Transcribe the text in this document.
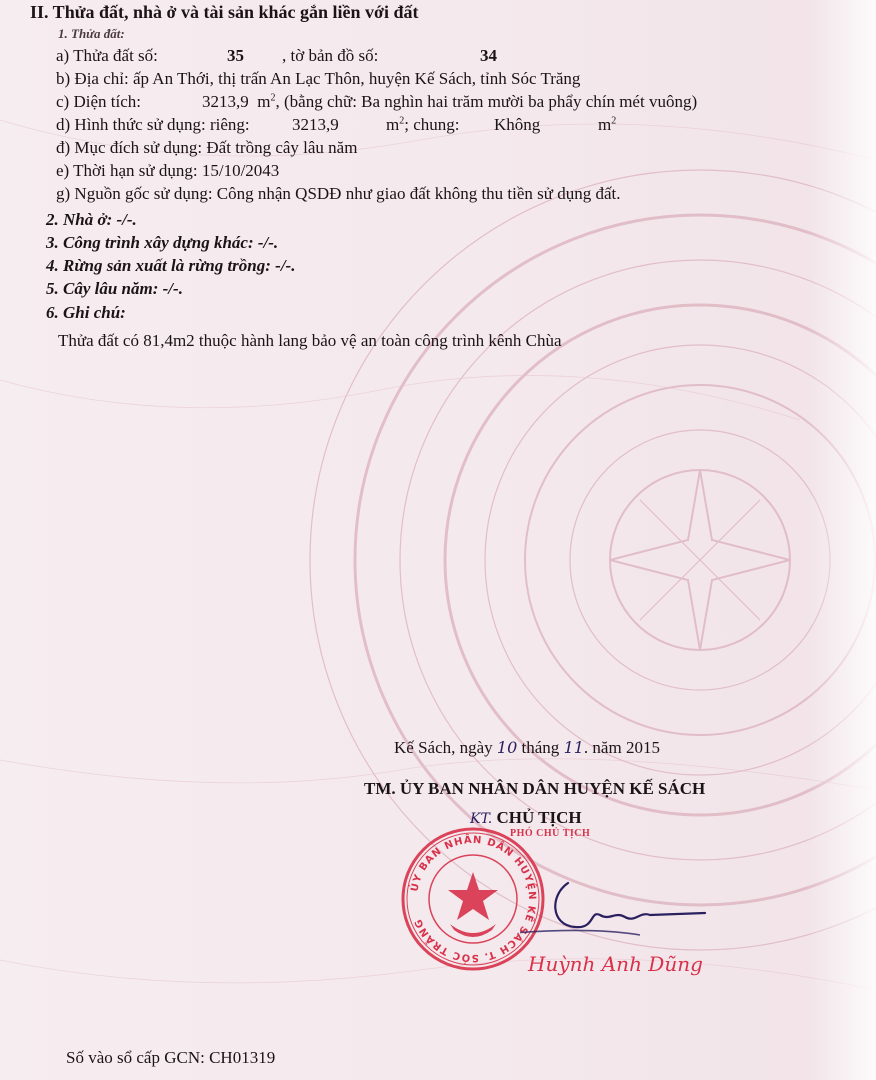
II. Thửa đất, nhà ở và tài sản khác gắn liền với đất
1. Thửa đất:
a) Thửa đất số:	35 , tờ bản đồ số:	34
b) Địa chỉ: ấp An Thới, thị trấn An Lạc Thôn, huyện Kế Sách, tỉnh Sóc Trăng
c) Diện tích:	3213,9 $m^2$, (bằng chữ: Ba nghìn hai trăm mười ba phẩy chín mét vuông)
d) Hình thức sử dụng: riêng: 3213,9	$m^2$; chung: Không	$m^2$
đ) Mục đích sử dụng: Đất trồng cây lâu năm
e) Thời hạn sử dụng: 15/10/2043
g) Nguồn gốc sử dụng: Công nhận QSDĐ như giao đất không thu tiền sử dụng đất.
2. Nhà ở: -/-.
3. Công trình xây dựng khác: -/-.
4. Rừng sản xuất là rừng trồng: -/-.
5. Cây lâu năm: -/-.
6. Ghi chú:
Thửa đất có 81,4m2 thuộc hành lang bảo vệ an toàn công trình kênh Chùa
Kế Sách, ngày 10 tháng 11. năm 2015
TM. ỦY BAN NHÂN DÂN HUYỆN KẾ SÁCH
KT. CHỦ TỊCH
PHÓ CHỦ TỊCH
ỦY BAN NHÂN DÂN HUYỆN KẾ SÁCH T. SÓC TRĂNG
Huỳnh Anh Dũng
Số vào sổ cấp GCN: CH01319
